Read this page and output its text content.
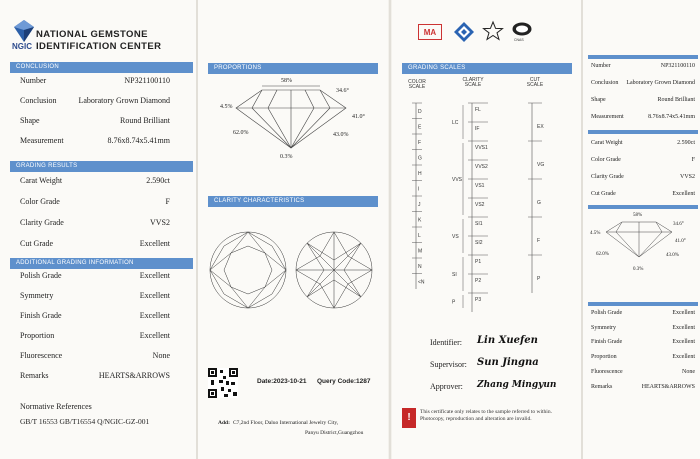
NGIC
NATIONAL GEMSTONE
IDENTIFICATION CENTER
CONCLUSION
Number	NP321100110
Conclusion	Laboratory Grown Diamond
Shape	Round Brilliant
Measurement	8.76x8.74x5.41mm
GRADING RESULTS
Carat Weight	2.590ct
Color Grade	F
Clarity Grade	VVS2
Cut Grade	Excellent
ADDITIONAL GRADING INFORMATION
Polish Grade	Excellent
Symmetry	Excellent
Finish Grade	Excellent
Proportion	Excellent
Fluorescence	None
Remarks	HEARTS&ARROWS
Normative References
GB/T 16553 GB/T16554 Q/NGIC-GZ-001
PROPORTIONS
58%
34.6°
4.5%
41.0°
62.0%	43.0%
0.3%
CLARITY CHARACTERISTICS
Date:2023-10-21 Query Code:1287
Add: C7,2nd Floor, Daluo International Jewelry City,
Panyu District,Guangzhou
MA
CNAS
GRADING SCALES
COLOR SCALE
CLARITY SCALE
CUT SCALE
D
E
F
G
H
I
J
K
L
M
N
<N
FL
IF
VVS1
VVS2
VS1
VS2
SI1
SI2
P1
P2
P3
LC
VVS
VS
SI
P
EX
VG
G
F
P
Identifier: Lin Xuefen
Supervisor: Sun Jingna
Approver: Zhang Mingyun
!	This certificate only relates to the sample referred to within. Photocopy, reproduction and alteration are invalid.
Number	NP321100110
Conclusion Laboratory Grown Diamond
Shape	Round Brilliant
Measurement	8.76x8.74x5.41mm
Carat Weight	2.590ct
Color Grade	F
Clarity Grade	VVS2
Cut Grade	Excellent
58%
34.6°
4.5%
41.0°
62.0%	43.0%
0.3%
Polish Grade	Excellent
Symmetry	Excellent
Finish Grade	Excellent
Proportion	Excellent
Fluorescence	None
Remarks	HEARTS&ARROWS
